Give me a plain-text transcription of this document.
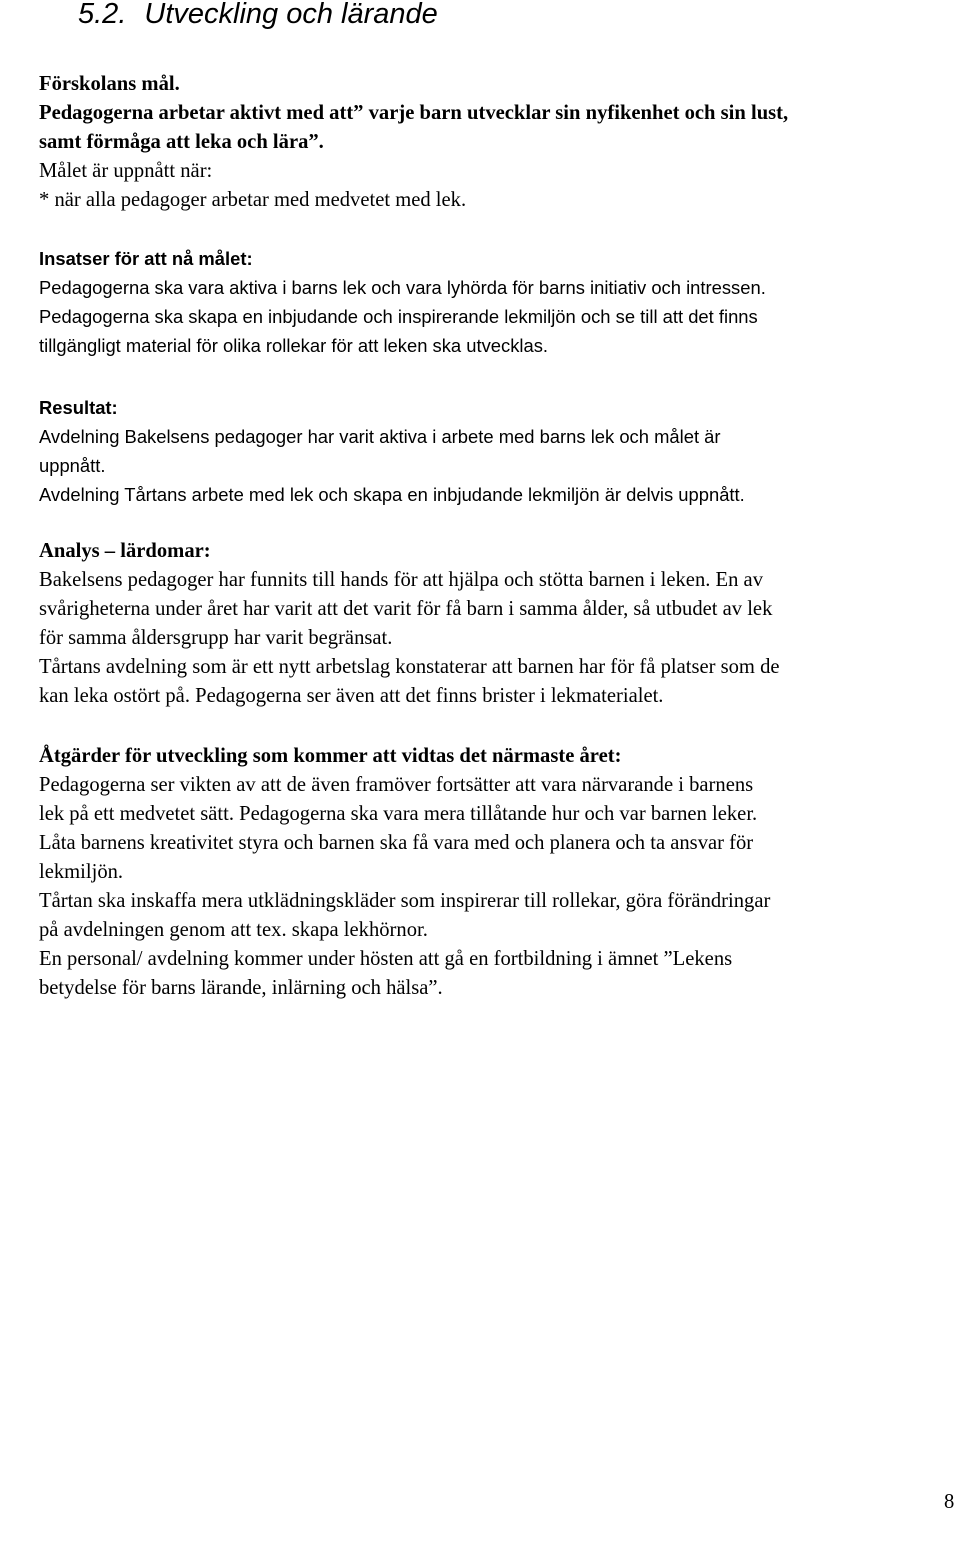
5.2. Utveckling och lärande
Förskolans mål.
Pedagogerna arbetar aktivt med att” varje barn utvecklar sin nyfikenhet och sin lust,
samt förmåga att leka och lära”.
Målet är uppnått när:
* när alla pedagoger arbetar med medvetet med lek.
Insatser för att nå målet:
Pedagogerna ska vara aktiva i barns lek och vara lyhörda för barns initiativ och intressen.
Pedagogerna ska skapa en inbjudande och inspirerande lekmiljön och se till att det finns
tillgängligt material för olika rollekar för att leken ska utvecklas.
Resultat:
Avdelning Bakelsens pedagoger har varit aktiva i arbete med barns lek och målet är
uppnått.
Avdelning Tårtans arbete med lek och skapa en inbjudande lekmiljön är delvis uppnått.
Analys – lärdomar:
Bakelsens pedagoger har funnits till hands för att hjälpa och stötta barnen i leken. En av
svårigheterna under året har varit att det varit för få barn i samma ålder, så utbudet av lek
för samma åldersgrupp har varit begränsat.
Tårtans avdelning som är ett nytt arbetslag konstaterar att barnen har för få platser som de
kan leka ostört på. Pedagogerna ser även att det finns brister i lekmaterialet.
Åtgärder för utveckling som kommer att vidtas det närmaste året:
Pedagogerna ser vikten av att de även framöver fortsätter att vara närvarande i barnens
lek på ett medvetet sätt. Pedagogerna ska vara mera tillåtande hur och var barnen leker.
Låta barnens kreativitet styra och barnen ska få vara med och planera och ta ansvar för
lekmiljön.
Tårtan ska inskaffa mera utklädningskläder som inspirerar till rollekar, göra förändringar
på avdelningen genom att tex. skapa lekhörnor.
En personal/ avdelning kommer under hösten att gå en fortbildning i ämnet ”Lekens
betydelse för barns lärande, inlärning och hälsa”.
8
